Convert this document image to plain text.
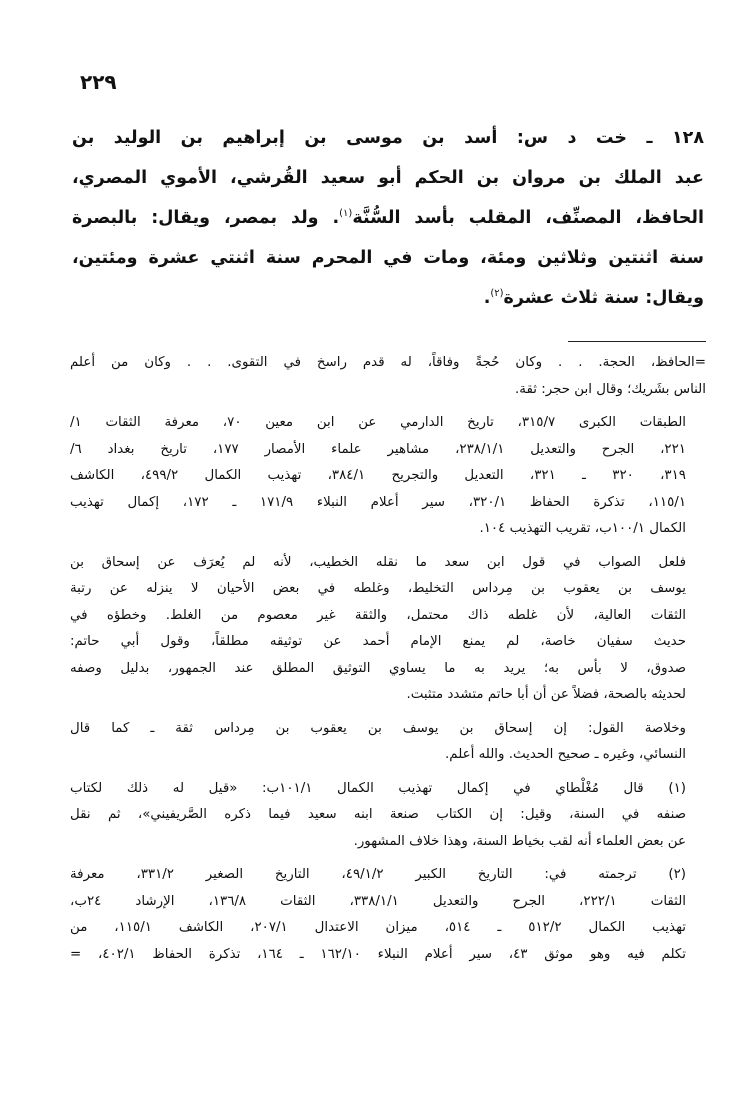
٢٢٩
١٢٨ ـ خت د س: أسد بن موسى بن إبراهيم بن الوليد بن
عبد الملك بن مروان بن الحكم أبو سعيد القُرشي، الأموي المصري،
الحافظ، المصنِّف، المقلب بأسد السُّنَّة$^{(١)}$. ولد بمصر، ويقال: بالبصرة
سنة اثنتين وثلاثين ومئة، ومات في المحرم سنة اثنتي عشرة ومئتين،
ويقال: سنة ثلاث عشرة$^{(٢)}$.

=الحافظ، الحجة. . . وكان حُجةً وفاقاً، له قدم راسخ في التقوى. . . وكان من أعلم
الناس بشَريك؛ وقال ابن حجر: ثقة.

الطبقات الكبرى ٣١٥/٧، تاريخ الدارمي عن ابن معين ٧٠، معرفة الثقات ١/
٢٢١، الجرح والتعديل ٢٣٨/١/١، مشاهير علماء الأمصار ١٧٧، تاريخ بغداد ٦/
٣١٩، ٣٢٠ ـ ٣٢١، التعديل والتجريح ٣٨٤/١، تهذيب الكمال ٤٩٩/٢، الكاشف
١١٥/١، تذكرة الحفاظ ٣٢٠/١، سير أعلام النبلاء ١٧١/٩ ـ ١٧٢، إكمال تهذيب
الكمال ١٠٠/١ب، تقريب التهذيب ١٠٤.

فلعل الصواب في قول ابن سعد ما نقله الخطيب، لأنه لم يُعرَف عن إسحاق بن
يوسف بن يعقوب بن مِرداس التخليط، وغلطه في بعض الأحيان لا ينزله عن رتبة
الثقات العالية، لأن غلطه ذاك محتمل، والثقة غير معصوم من الغلط. وخطؤه في
حديث سفيان خاصة، لم يمنع الإمام أحمد عن توثيقه مطلقاً، وقول أبي حاتم:
صدوق، لا بأس به؛ يريد به ما يساوي التوثيق المطلق عند الجمهور، بدليل وصفه
لحديثه بالصحة، فضلاً عن أن أبا حاتم متشدد متثبت.

وخلاصة القول: إن إسحاق بن يوسف بن يعقوب بن مِرداس ثقة ـ كما قال
النسائي، وغيره ـ صحيح الحديث. والله أعلم.

(١) قال مُغْلْطاي في إكمال تهذيب الكمال ١٠١/١ب: «قيل له ذلك لكتاب
صنفه في السنة، وقيل: إن الكتاب صنعة ابنه سعيد فيما ذكره الصَّريفيني»، ثم نقل
عن بعض العلماء أنه لقب بخياط السنة، وهذا خلاف المشهور.

(٢) ترجمته في: التاريخ الكبير ٤٩/١/٢، التاريخ الصغير ٣٣١/٢، معرفة
الثقات ٢٢٢/١، الجرح والتعديل ٣٣٨/١/١، الثقات ١٣٦/٨، الإرشاد ٢٤ب،
تهذيب الكمال ٥١٢/٢ ـ ٥١٤، ميزان الاعتدال ٢٠٧/١، الكاشف ١١٥/١، من
تكلم فيه وهو موثق ٤٣، سير أعلام النبلاء ١٦٢/١٠ ـ ١٦٤، تذكرة الحفاظ ٤٠٢/١، =
